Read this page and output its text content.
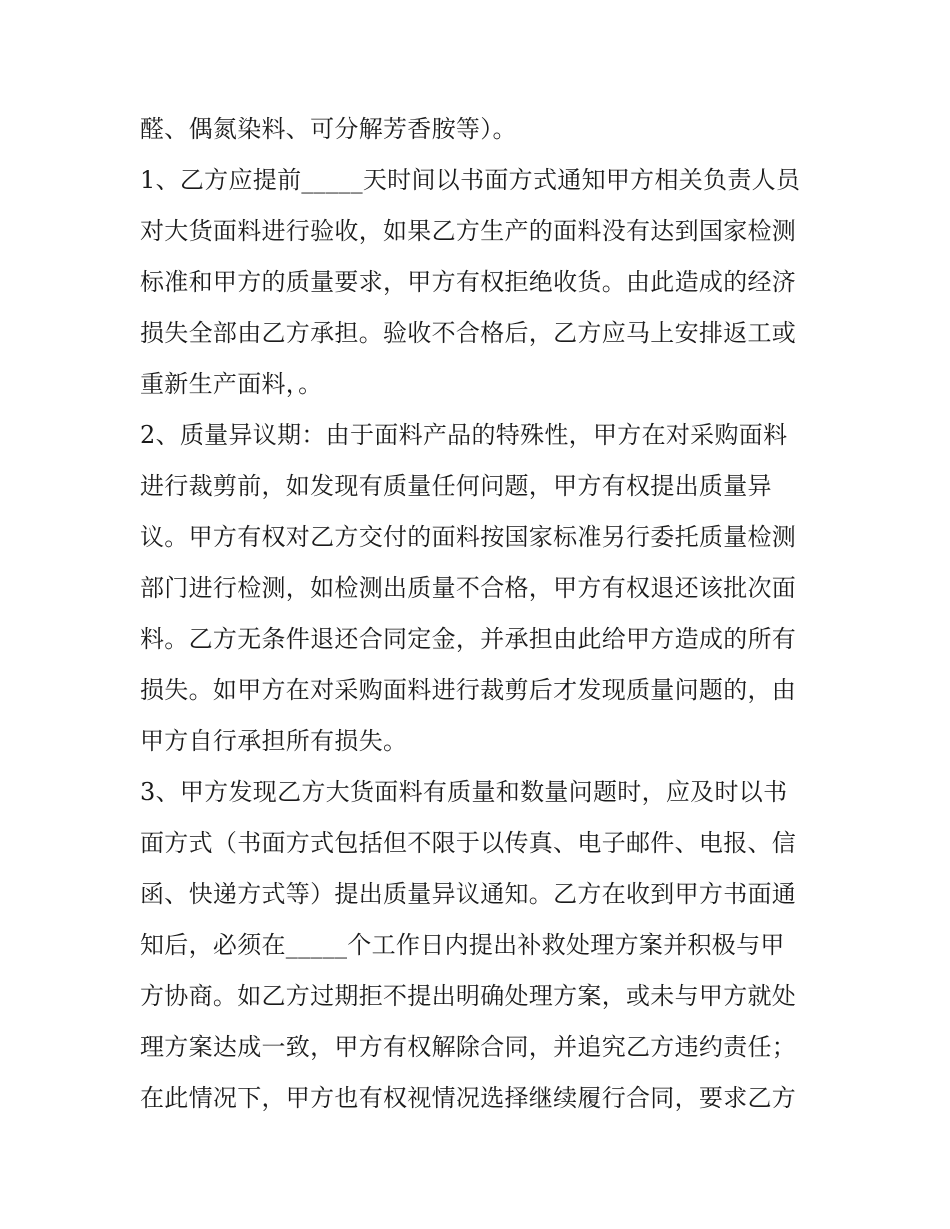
醛、偶氮染料、可分解芳香胺等）。
1、乙方应提前_____天时间以书面方式通知甲方相关负责人员
对大货面料进行验收，如果乙方生产的面料没有达到国家检测
标准和甲方的质量要求，甲方有权拒绝收货。由此造成的经济
损失全部由乙方承担。验收不合格后，乙方应马上安排返工或
重新生产面料，。
2、质量异议期：由于面料产品的特殊性，甲方在对采购面料
进行裁剪前，如发现有质量任何问题，甲方有权提出质量异
议。甲方有权对乙方交付的面料按国家标准另行委托质量检测
部门进行检测，如检测出质量不合格，甲方有权退还该批次面
料。乙方无条件退还合同定金，并承担由此给甲方造成的所有
损失。如甲方在对采购面料进行裁剪后才发现质量问题的，由
甲方自行承担所有损失。
3、甲方发现乙方大货面料有质量和数量问题时，应及时以书
面方式（书面方式包括但不限于以传真、电子邮件、电报、信
函、快递方式等）提出质量异议通知。乙方在收到甲方书面通
知后，必须在_____个工作日内提出补救处理方案并积极与甲
方协商。如乙方过期拒不提出明确处理方案，或未与甲方就处
理方案达成一致，甲方有权解除合同，并追究乙方违约责任；
在此情况下，甲方也有权视情况选择继续履行合同，要求乙方
